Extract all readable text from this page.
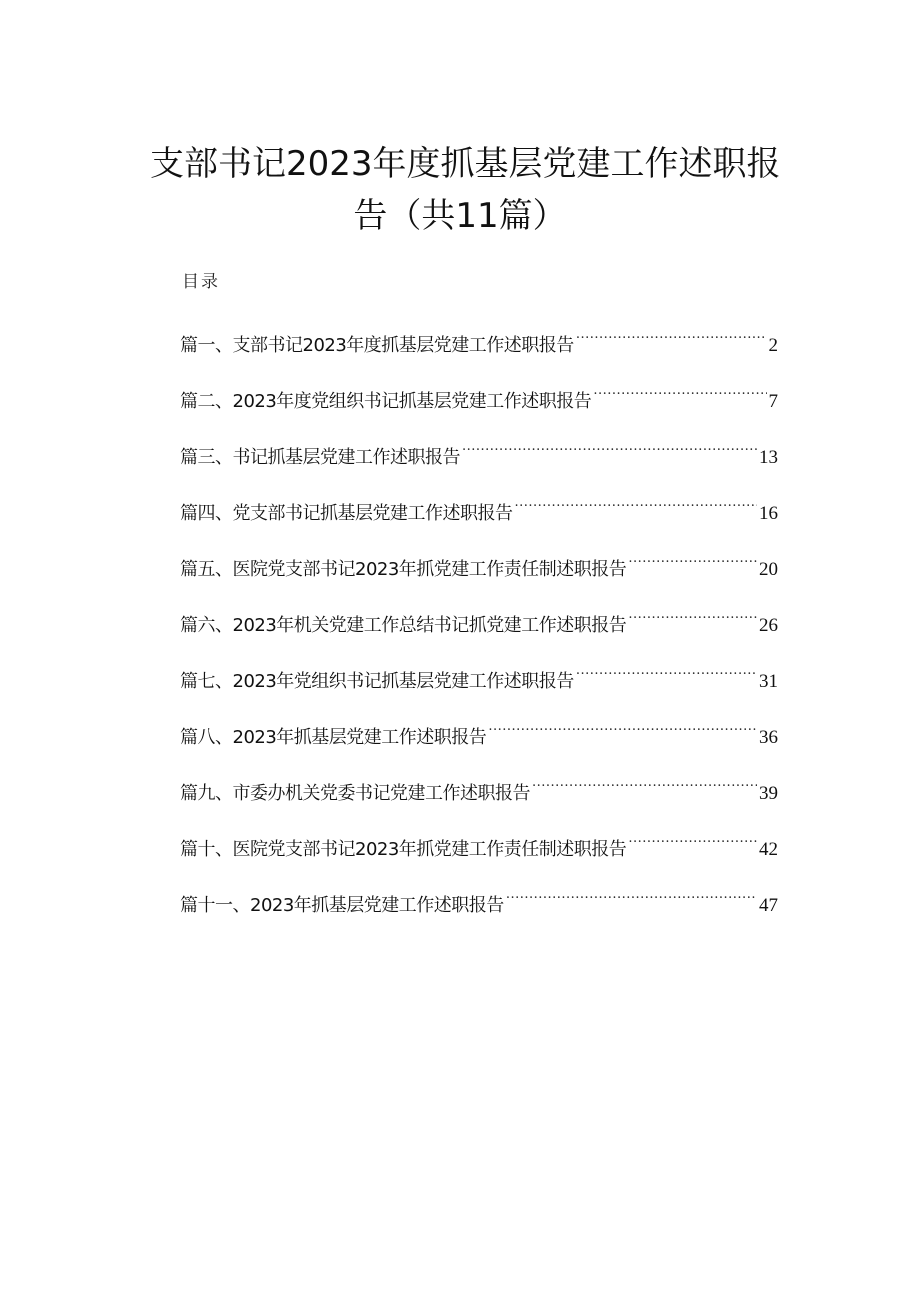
支部书记2023年度抓基层党建工作述职报
告（共11篇）
目录
篇一、支部书记2023年度抓基层党建工作述职报告 .....	2
篇二、2023年度党组织书记抓基层党建工作述职报告 .....	7
篇三、书记抓基层党建工作述职报告 .....	13
篇四、党支部书记抓基层党建工作述职报告 .....	16
篇五、医院党支部书记2023年抓党建工作责任制述职报告 .....	20
篇六、2023年机关党建工作总结书记抓党建工作述职报告 .....	26
篇七、2023年党组织书记抓基层党建工作述职报告 .....	31
篇八、2023年抓基层党建工作述职报告 .....	36
篇九、市委办机关党委书记党建工作述职报告 .....	39
篇十、医院党支部书记2023年抓党建工作责任制述职报告 .....	42
篇十一、2023年抓基层党建工作述职报告 .....	47
